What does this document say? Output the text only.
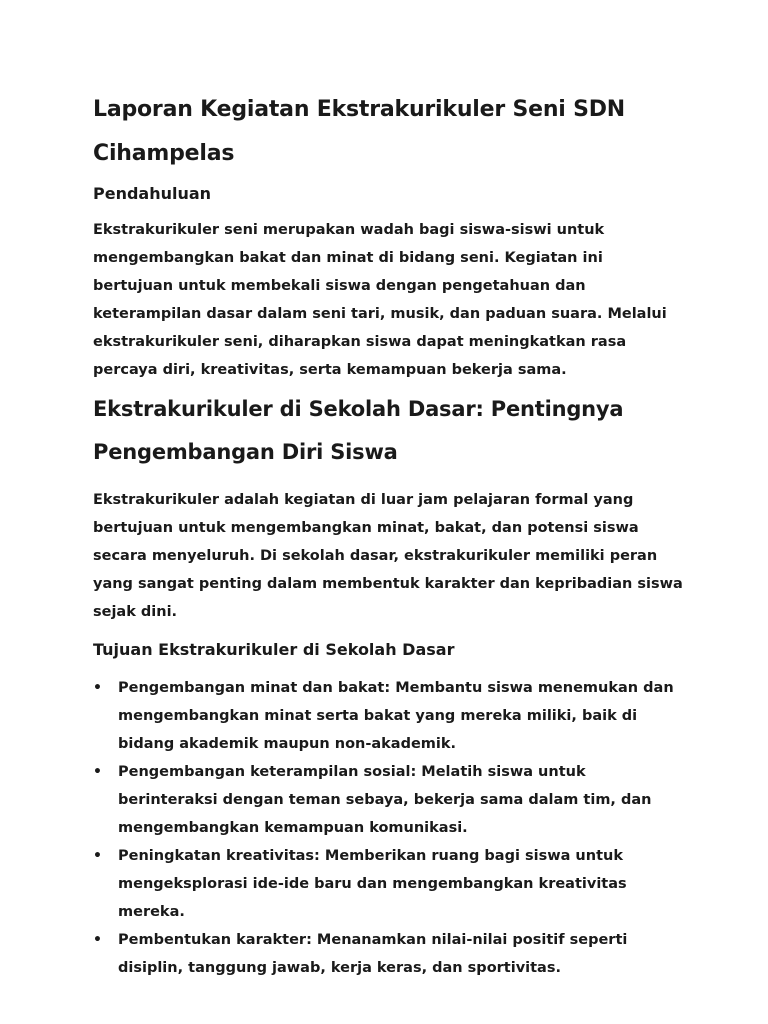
Laporan Kegiatan Ekstrakurikuler Seni SDN Cihampelas
Pendahuluan

Ekstrakurikuler seni merupakan wadah bagi siswa-siswi untuk mengembangkan bakat dan minat di bidang seni. Kegiatan ini bertujuan untuk membekali siswa dengan pengetahuan dan keterampilan dasar dalam seni tari, musik, dan paduan suara. Melalui ekstrakurikuler seni, diharapkan siswa dapat meningkatkan rasa percaya diri, kreativitas, serta kemampuan bekerja sama.

Ekstrakurikuler di Sekolah Dasar: Pentingnya Pengembangan Diri Siswa

Ekstrakurikuler adalah kegiatan di luar jam pelajaran formal yang bertujuan untuk mengembangkan minat, bakat, dan potensi siswa secara menyeluruh. Di sekolah dasar, ekstrakurikuler memiliki peran yang sangat penting dalam membentuk karakter dan kepribadian siswa sejak dini.

Tujuan Ekstrakurikuler di Sekolah Dasar
• Pengembangan minat dan bakat: Membantu siswa menemukan dan mengembangkan minat serta bakat yang mereka miliki, baik di bidang akademik maupun non-akademik.
• Pengembangan keterampilan sosial: Melatih siswa untuk berinteraksi dengan teman sebaya, bekerja sama dalam tim, dan mengembangkan kemampuan komunikasi.
• Peningkatan kreativitas: Memberikan ruang bagi siswa untuk mengeksplorasi ide-ide baru dan mengembangkan kreativitas mereka.
• Pembentukan karakter: Menanamkan nilai-nilai positif seperti disiplin, tanggung jawab, kerja keras, dan sportivitas.
